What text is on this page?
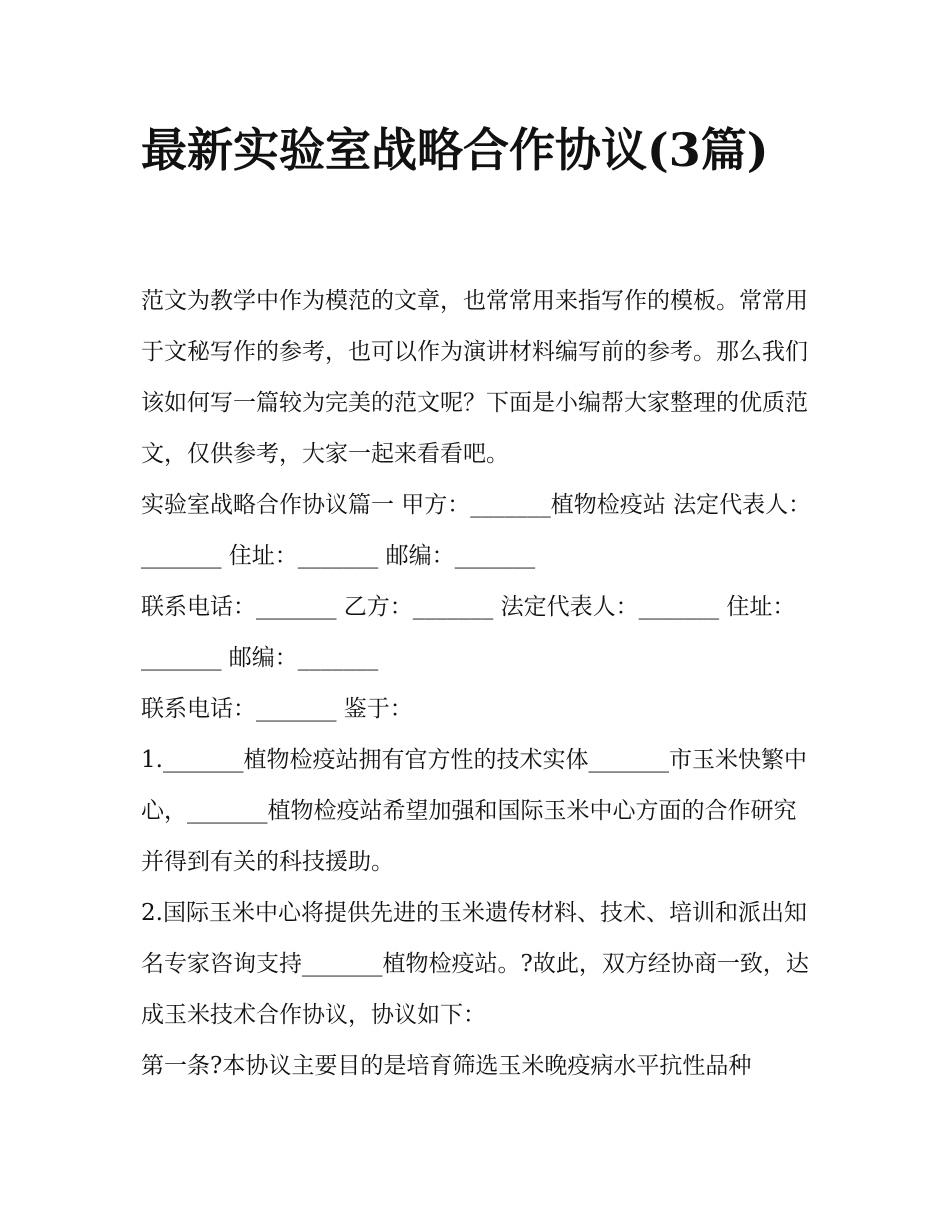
最新实验室战略合作协议(3篇)

范文为教学中作为模范的文章，也常常用来指写作的模板。常常用于文秘写作的参考，也可以作为演讲材料编写前的参考。那么我们该如何写一篇较为完美的范文呢？下面是小编帮大家整理的优质范文，仅供参考，大家一起来看看吧。

实验室战略合作协议篇一 甲方：_______植物检疫站 法定代表人：_______ 住址：_______ 邮编：_______

联系电话：_______ 乙方：_______ 法定代表人：_______ 住址：_______ 邮编：_______

联系电话：_______ 鉴于：

1._______植物检疫站拥有官方性的技术实体_______市玉米快繁中心，_______植物检疫站希望加强和国际玉米中心方面的合作研究并得到有关的科技援助。

2.国际玉米中心将提供先进的玉米遗传材料、技术、培训和派出知名专家咨询支持_______植物检疫站。?故此，双方经协商一致，达成玉米技术合作协议，协议如下：

第一条?本协议主要目的是培育筛选玉米晚疫病水平抗性品种
